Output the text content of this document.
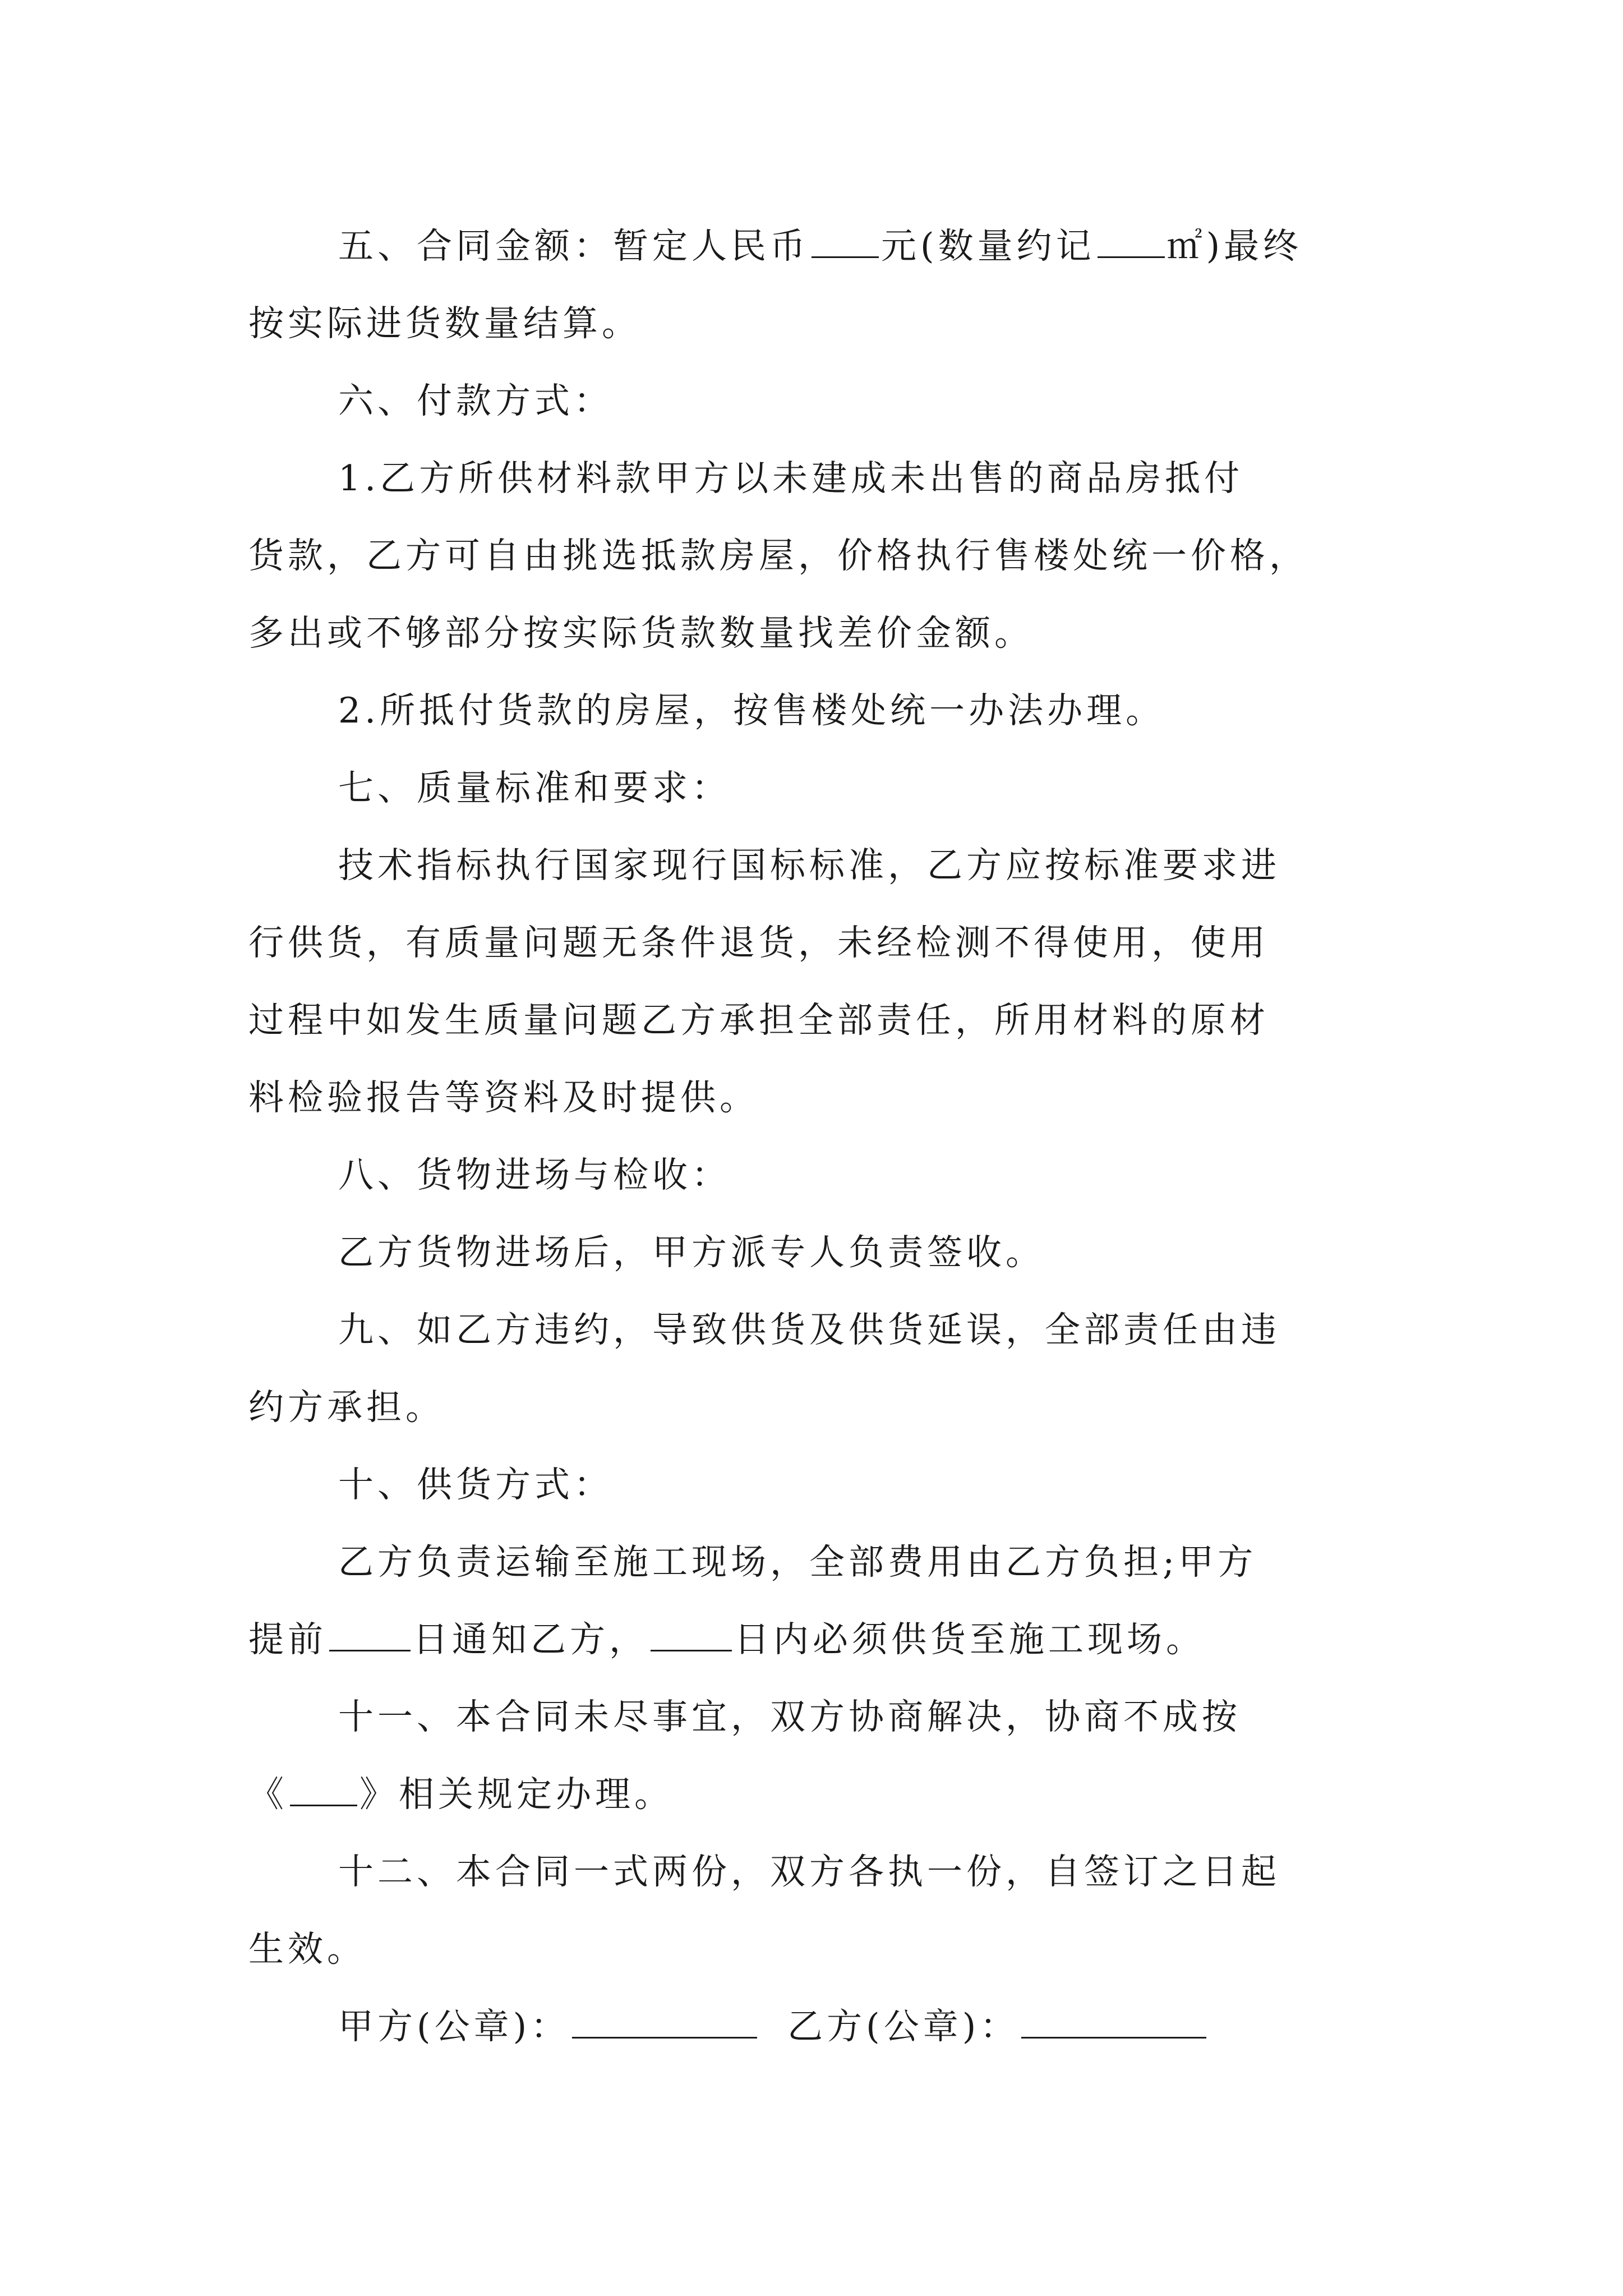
五、合同金额：暂定人民币 元(数量约记 ㎡)最终
按实际进货数量结算。

六、付款方式：

1.乙方所供材料款甲方以未建成未出售的商品房抵付
货款，乙方可自由挑选抵款房屋，价格执行售楼处统一价格，
多出或不够部分按实际货款数量找差价金额。

2.所抵付货款的房屋，按售楼处统一办法办理。

七、质量标准和要求：

技术指标执行国家现行国标标准，乙方应按标准要求进
行供货，有质量问题无条件退货，未经检测不得使用，使用
过程中如发生质量问题乙方承担全部责任，所用材料的原材
料检验报告等资料及时提供。

八、货物进场与检收：

乙方货物进场后，甲方派专人负责签收。

九、如乙方违约，导致供货及供货延误，全部责任由违
约方承担。

十、供货方式：

乙方负责运输至施工现场，全部费用由乙方负担;甲方
提前 日通知乙方， 日内必须供货至施工现场。

十一、本合同未尽事宜，双方协商解决，协商不成按
《 》相关规定办理。

十二、本合同一式两份，双方各执一份，自签订之日起
生效。

甲方(公章)：	乙方(公章)：
